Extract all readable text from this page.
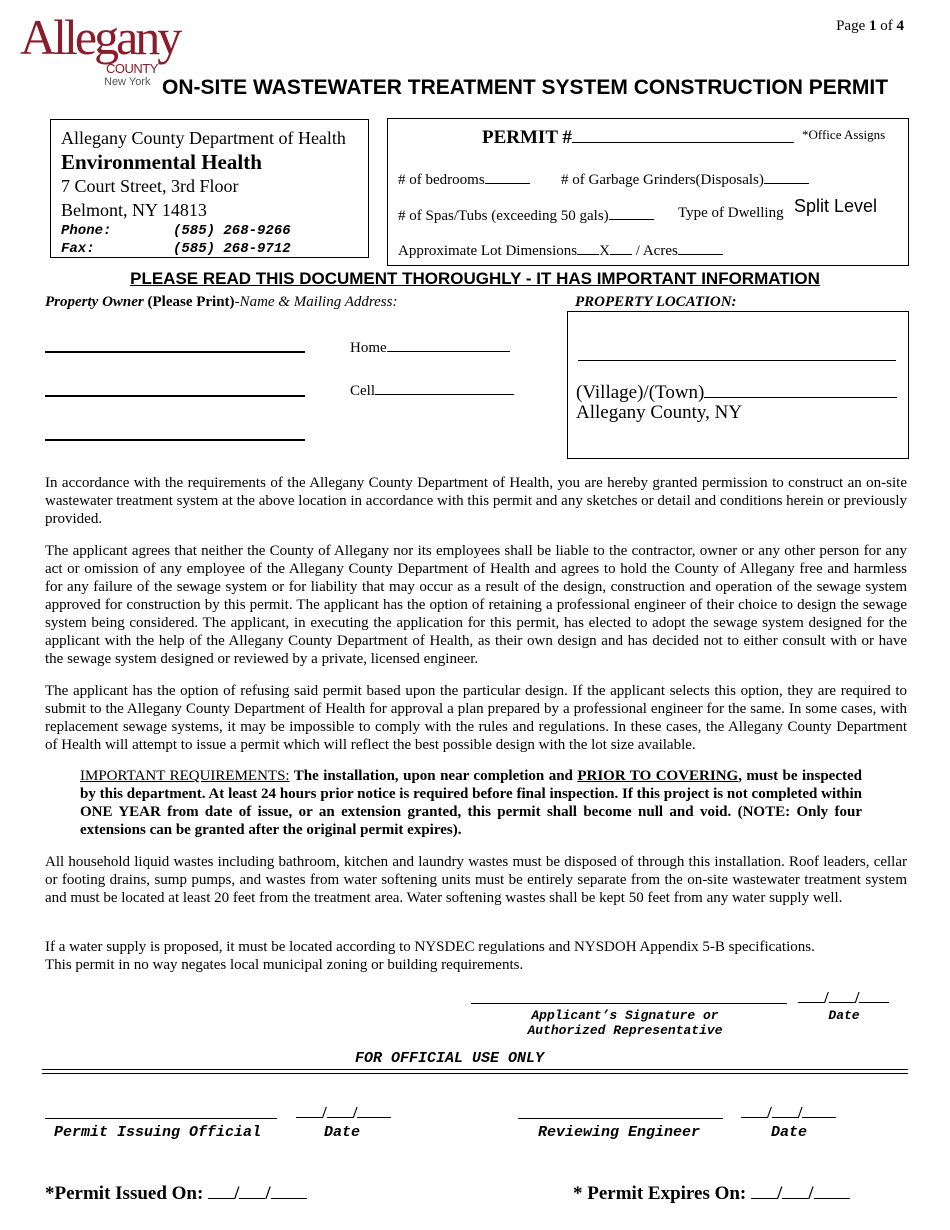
Allegany
COUNTY
New York
Page 1 of 4
ON-SITE WASTEWATER TREATMENT SYSTEM CONSTRUCTION PERMIT
Allegany County Department of Health
Environmental Health
7 Court Street, 3rd Floor
Belmont, NY 14813
Phone:	(585) 268-9266
Fax:	(585) 268-9712
PERMIT #	*Office Assigns
# of bedrooms	# of Garbage Grinders(Disposals)
# of Spas/Tubs (exceeding 50 gals)	Type of Dwelling Split Level
Approximate Lot Dimensions X / Acres
PLEASE READ THIS DOCUMENT THOROUGHLY - IT HAS IMPORTANT INFORMATION
Property Owner (Please Print)-Name & Mailing Address:
Home
Cell
PROPERTY LOCATION:
(Village)/(Town)
Allegany County, NY
In accordance with the requirements of the Allegany County Department of Health, you are hereby granted permission to construct an on-site wastewater treatment system at the above location in accordance with this permit and any sketches or detail and conditions herein or previously provided.
The applicant agrees that neither the County of Allegany nor its employees shall be liable to the contractor, owner or any other person for any act or omission of any employee of the Allegany County Department of Health and agrees to hold the County of Allegany free and harmless for any failure of the sewage system or for liability that may occur as a result of the design, construction and operation of the sewage system approved for construction by this permit. The applicant has the option of retaining a professional engineer of their choice to design the sewage system being considered. The applicant, in executing the application for this permit, has elected to adopt the sewage system designed for the applicant with the help of the Allegany County Department of Health, as their own design and has decided not to either consult with or have the sewage system designed or reviewed by a private, licensed engineer.
The applicant has the option of refusing said permit based upon the particular design. If the applicant selects this option, they are required to submit to the Allegany County Department of Health for approval a plan prepared by a professional engineer for the same. In some cases, with replacement sewage systems, it may be impossible to comply with the rules and regulations. In these cases, the Allegany County Department of Health will attempt to issue a permit which will reflect the best possible design with the lot size available.
IMPORTANT REQUIREMENTS: The installation, upon near completion and PRIOR TO COVERING, must be inspected by this department. At least 24 hours prior notice is required before final inspection. If this project is not completed within ONE YEAR from date of issue, or an extension granted, this permit shall become null and void. (NOTE: Only four extensions can be granted after the original permit expires).
All household liquid wastes including bathroom, kitchen and laundry wastes must be disposed of through this installation. Roof leaders, cellar or footing drains, sump pumps, and wastes from water softening units must be entirely separate from the on-site wastewater treatment system and must be located at least 20 feet from the treatment area. Water softening wastes shall be kept 50 feet from any water supply well.
If a water supply is proposed, it must be located according to NYSDEC regulations and NYSDOH Appendix 5-B specifications.
This permit in no way negates local municipal zoning or building requirements.
/ /
Applicant’s Signature or
Authorized Representative
Date
FOR OFFICIAL USE ONLY
/ /
Permit Issuing Official	Date
/ /
Reviewing Engineer	Date
*Permit Issued On: / /	* Permit Expires On: / /
